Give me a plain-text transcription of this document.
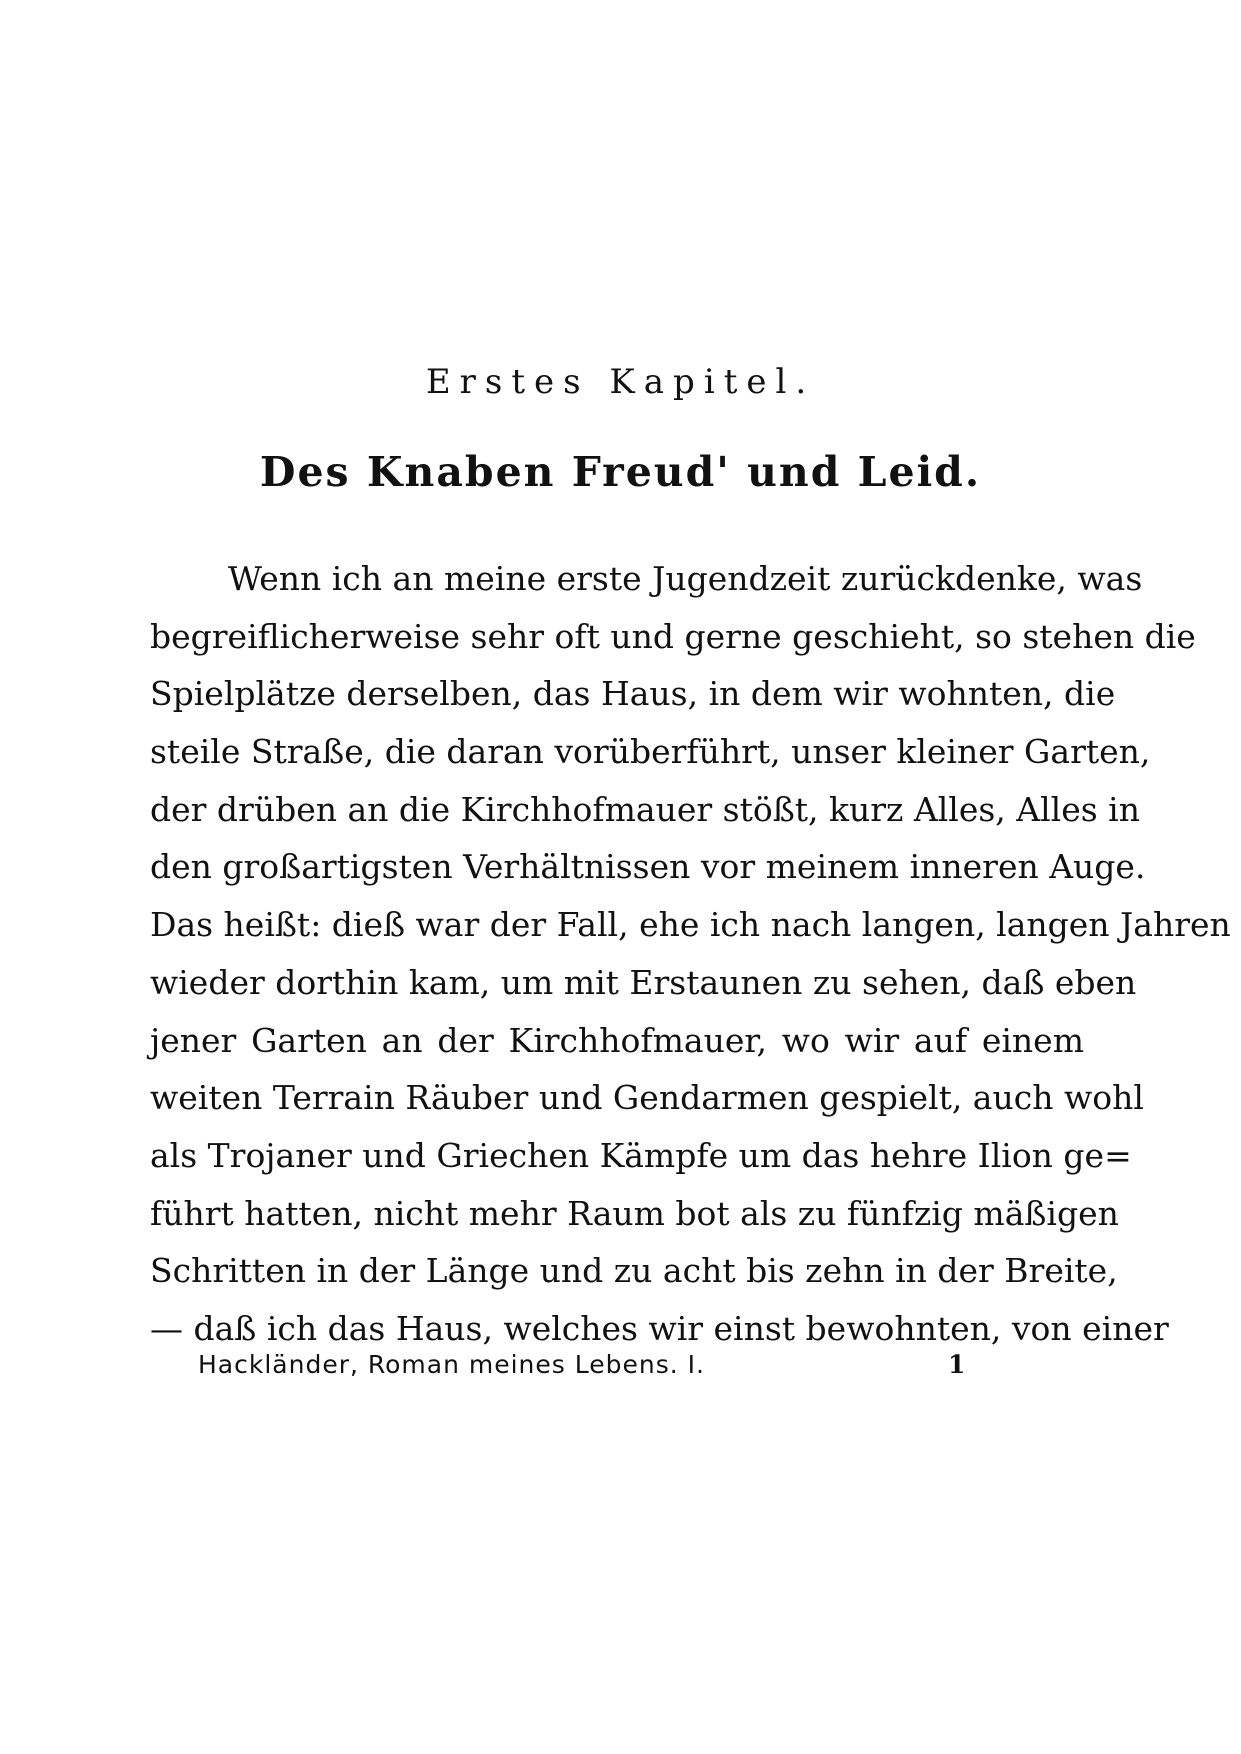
Erstes Kapitel.
Des Knaben Freud' und Leid.
Wenn ich an meine erste Jugendzeit zurückdenke, was
begreiflicherweise sehr oft und gerne geschieht, so stehen die
Spielplätze derselben, das Haus, in dem wir wohnten, die
steile Straße, die daran vorüberführt, unser kleiner Garten,
der drüben an die Kirchhofmauer stößt, kurz Alles, Alles in
den großartigsten Verhältnissen vor meinem inneren Auge.
Das heißt: dieß war der Fall, ehe ich nach langen, langen Jahren
wieder dorthin kam, um mit Erstaunen zu sehen, daß eben
jener Garten an der Kirchhofmauer, wo wir auf einem
weiten Terrain Räuber und Gendarmen gespielt, auch wohl
als Trojaner und Griechen Kämpfe um das hehre Ilion ge=
führt hatten, nicht mehr Raum bot als zu fünfzig mäßigen
Schritten in der Länge und zu acht bis zehn in der Breite,
— daß ich das Haus, welches wir einst bewohnten, von einer
Hackländer, Roman meines Lebens. I.	1
